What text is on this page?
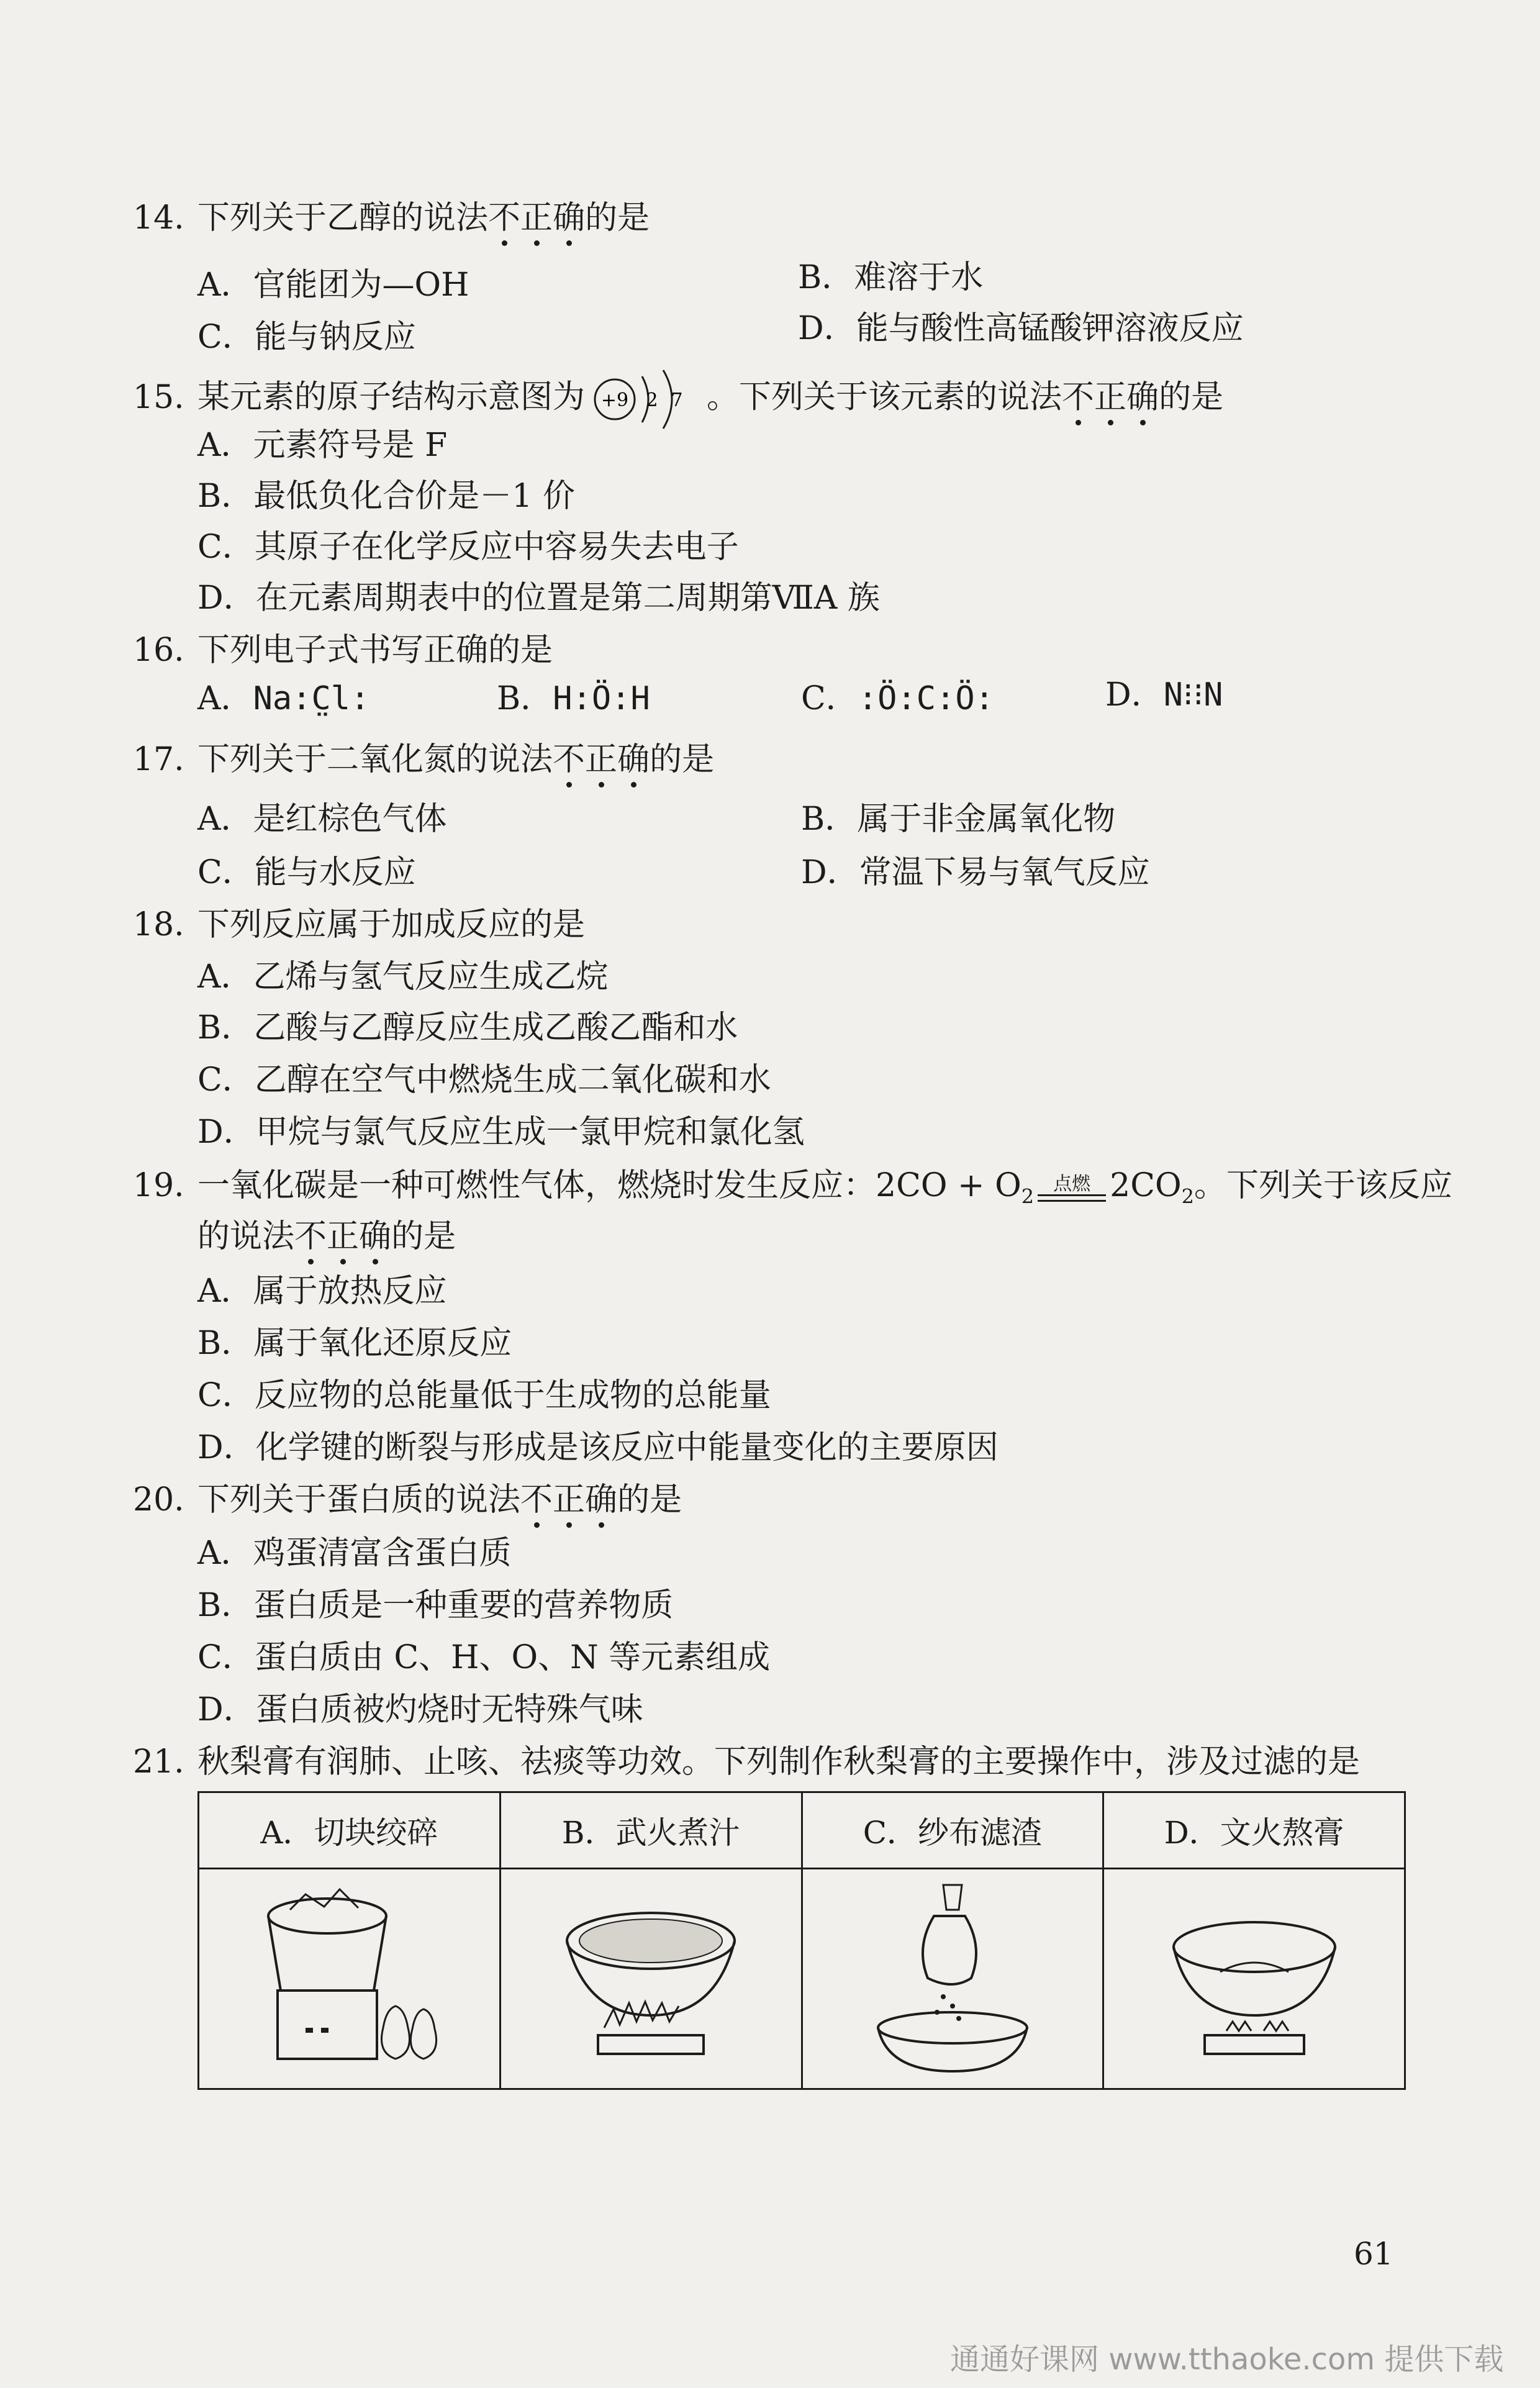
14. 下列关于乙醇的说法不正确的是
A．官能团为—OH	B．难溶于水
C．能与钠反应	D．能与酸性高锰酸钾溶液反应
15. 某元素的原子结构示意图为 +9 2 7 。下列关于该元素的说法不正确的是
A．元素符号是 F
B．最低负化合价是－1 价
C．其原子在化学反应中容易失去电子
D．在元素周期表中的位置是第二周期第ⅦA 族
16. 下列电子式书写正确的是
A．Na:C̤l:	B．H:Ö:H	C．:Ö:C:Ö:	D．N⁝⁝N
17. 下列关于二氧化氮的说法不正确的是
A．是红棕色气体	B．属于非金属氧化物
C．能与水反应	D．常温下易与氧气反应
18. 下列反应属于加成反应的是
A．乙烯与氢气反应生成乙烷
B．乙酸与乙醇反应生成乙酸乙酯和水
C．乙醇在空气中燃烧生成二氧化碳和水
D．甲烷与氯气反应生成一氯甲烷和氯化氢
19. 一氧化碳是一种可燃性气体，燃烧时发生反应：$2CO + O_2$
点燃 $2CO_2$。下列关于该反应
的说法不正确的是
A．属于放热反应
B．属于氧化还原反应
C．反应物的总能量低于生成物的总能量
D．化学键的断裂与形成是该反应中能量变化的主要原因
20. 下列关于蛋白质的说法不正确的是
A．鸡蛋清富含蛋白质
B．蛋白质是一种重要的营养物质
C．蛋白质由 C、H、O、N 等元素组成
D．蛋白质被灼烧时无特殊气味
21. 秋梨膏有润肺、止咳、祛痰等功效。下列制作秋梨膏的主要操作中，涉及过滤的是
A．切块绞碎	B．武火煮汁	C．纱布滤渣	D．文火熬膏

61
通通好课网 www.tthaoke.com 提供下载
